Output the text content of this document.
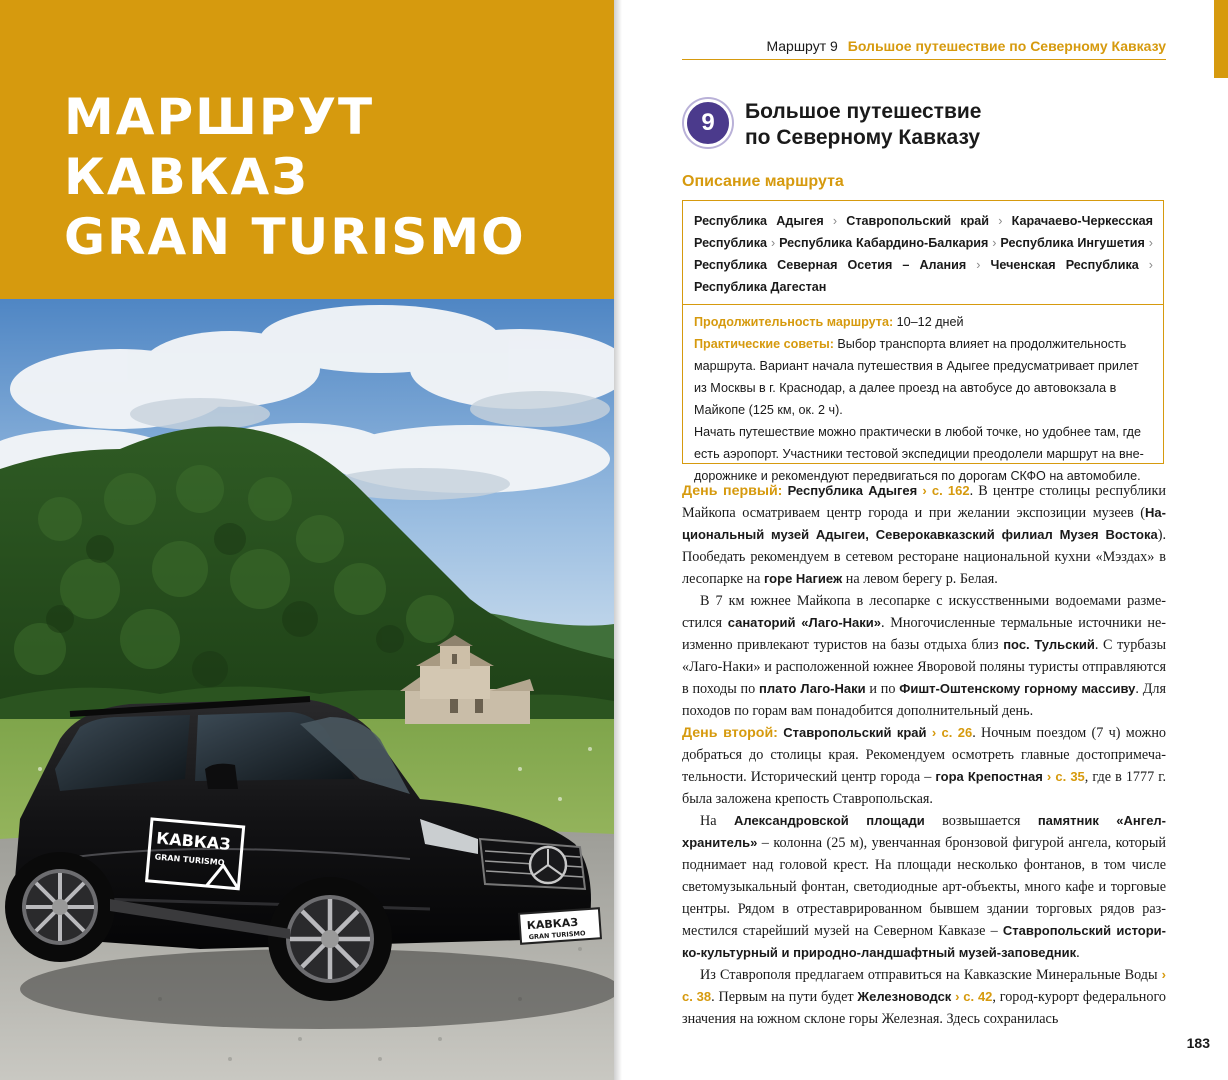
МАРШРУТ
КАВКАЗ
GRAN TURISMO
КАВКАЗ
GRAN TURISMO
КАВКАЗ
GRAN TURISMO
Маршрут 9 Большое путешествие по Северному Кавказу
9	Большое путешествие
по Северному Кавказу
Описание маршрута
Республика Адыгея › Ставропольский край › Карачаево-Черкесская Республика › Республика Кабардино-Балкария › Республика Ингушетия › Республика Северная Осетия – Алания › Чеченская Республика › Республика Дагестан
Продолжительность маршрута: 10–12 дней
Практические советы: Выбор транспорта влияет на продолжительность маршрута. Вариант начала путешествия в Адыгее предусматривает прилет из Москвы в г. Краснодар, а далее проезд на автобусе до автовокзала в Майкопе (125 км, ок. 2 ч).
Начать путешествие можно практически в любой точке, но удобнее там, где есть аэропорт. Участники тестовой экспедиции преодолели маршрут на внедорожнике и рекомендуют передвигаться по дорогам СКФО на автомобиле.

День первый: Республика Адыгея › с. 162. В центре столицы республики Майкопа осматриваем центр города и при желании экспозиции музеев (Национальный музей Адыгеи, Северокавказский филиал Музея Востока). Пообедать рекомендуем в сетевом ресторане национальной кухни «Мэздах» в лесопарке на горе Нагиеж на левом берегу р. Белая.

В 7 км южнее Майкопа в лесопарке с искусственными водоемами разместился санаторий «Лаго-Наки». Многочисленные термальные источники неизменно привлекают туристов на базы отдыха близ пос. Тульский. С турбазы «Лаго-Наки» и расположенной южнее Яворовой поляны туристы отправляются в походы по плато Лаго-Наки и по Фишт-Оштенскому горному массиву. Для походов по горам вам понадобится дополнительный день.

День второй: Ставропольский край › с. 26. Ночным поездом (7 ч) можно добраться до столицы края. Рекомендуем осмотреть главные достопримечательности. Исторический центр города – гора Крепостная › с. 35, где в 1777 г. была заложена крепость Ставропольская.

На Александровской площади возвышается памятник «Ангел-хранитель» – колонна (25 м), увенчанная бронзовой фигурой ангела, который поднимает над головой крест. На площади несколько фонтанов, в том числе светомузыкальный фонтан, светодиодные арт-объекты, много кафе и торговые центры. Рядом в отреставрированном бывшем здании торговых рядов разместился старейший музей на Северном Кавказе – Ставропольский историко-культурный и природно-ландшафтный музей-заповедник.

Из Ставрополя предлагаем отправиться на Кавказские Минеральные Воды › с. 38. Первым на пути будет Железноводск › с. 42, город-курорт федерального значения на южном склоне горы Железная. Здесь сохранилась

183
